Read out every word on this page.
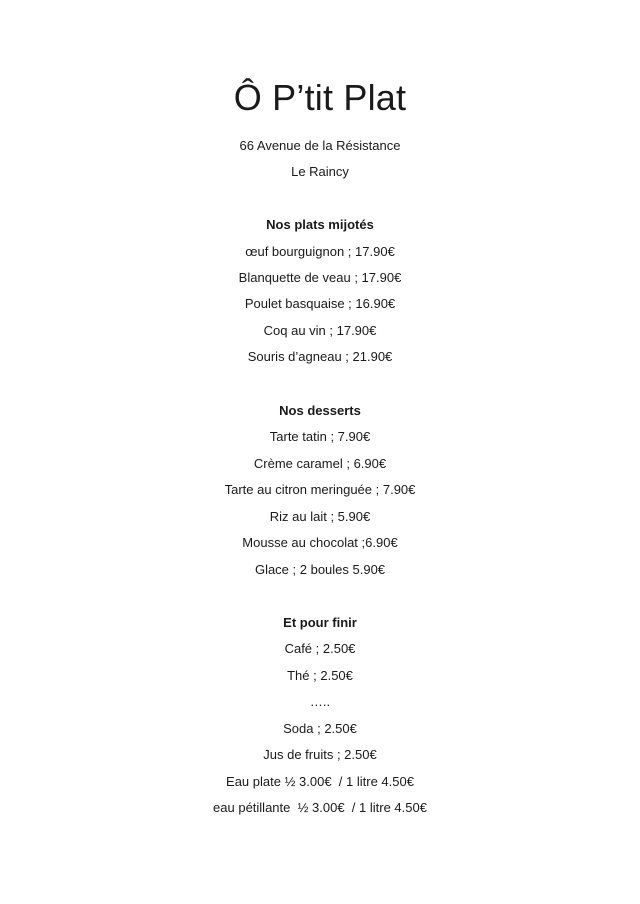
Ô P’tit Plat
66 Avenue de la Résistance
Le Raincy
Nos plats mijotés
œuf bourguignon ; 17.90€
Blanquette de veau ; 17.90€
Poulet basquaise ; 16.90€
Coq au vin ; 17.90€
Souris d’agneau ; 21.90€
Nos desserts
Tarte tatin ; 7.90€
Crème caramel ; 6.90€
Tarte au citron meringuée ; 7.90€
Riz au lait ; 5.90€
Mousse au chocolat ;6.90€
Glace ; 2 boules 5.90€
Et pour finir
Café ; 2.50€
Thé ; 2.50€
…..
Soda ; 2.50€
Jus de fruits ; 2.50€
Eau plate ½ 3.00€  / 1 litre 4.50€
eau pétillante  ½ 3.00€  / 1 litre 4.50€
